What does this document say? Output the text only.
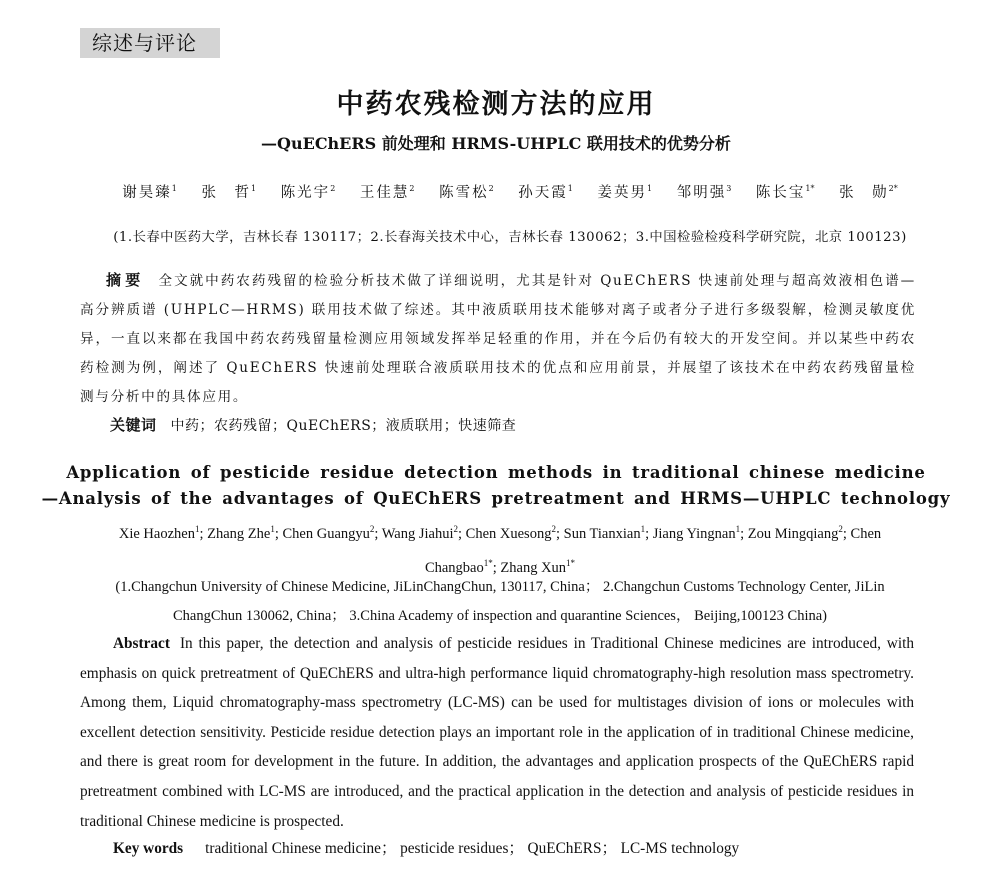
综述与评论
中药农残检测方法的应用
—QuEChERS 前处理和 HRMS-UHPLC 联用技术的优势分析
谢昊臻$^1$ 张　哲$^1$ 陈光宇$^2$ 王佳慧$^2$ 陈雪松$^2$ 孙天霞$^1$ 姜英男$^1$ 邹明强$^3$ 陈长宝$^{1*}$ 张　勋$^{2*}$
(1.长春中医药大学，吉林长春 130117；2.长春海关技术中心，吉林长春 130062；3.中国检验检疫科学研究院，北京 100123)
摘要 全文就中药农药残留的检验分析技术做了详细说明，尤其是针对 QuEChERS 快速前处理与超高效液相色谱—高分辨质谱 (UHPLC—HRMS) 联用技术做了综述。其中液质联用技术能够对离子或者分子进行多级裂解，检测灵敏度优异，一直以来都在我国中药农药残留量检测应用领域发挥举足轻重的作用，并在今后仍有较大的开发空间。并以某些中药农药检测为例，阐述了 QuEChERS 快速前处理联合液质联用技术的优点和应用前景，并展望了该技术在中药农药残留量检测与分析中的具体应用。
关键词 中药；农药残留；QuEChERS；液质联用；快速筛查
Application of pesticide residue detection methods in traditional chinese medicine
—Analysis of the advantages of QuEChERS pretreatment and HRMS—UHPLC technology
Xie Haozhen$^1$; Zhang Zhe$^1$; Chen Guangyu$^2$; Wang Jiahui$^2$; Chen Xuesong$^2$; Sun Tianxian$^1$; Jiang Yingnan$^1$; Zou Mingqiang$^2$; Chen Changbao$^{1*}$; Zhang Xun$^{1*}$
(1.Changchun University of Chinese Medicine, JiLinChangChun, 130117, China； 2.Changchun Customs Technology Center, JiLin ChangChun 130062, China； 3.China Academy of inspection and quarantine Sciences， Beijing,100123 China)
Abstract In this paper, the detection and analysis of pesticide residues in Traditional Chinese medicines are introduced, with emphasis on quick pretreatment of QuEChERS and ultra-high performance liquid chromatography-high resolution mass spectrometry. Among them, Liquid chromatography-mass spectrometry (LC-MS) can be used for multistages division of ions or molecules with excellent detection sensitivity. Pesticide residue detection plays an important role in the application of in traditional Chinese medicine, and there is great room for development in the future. In addition, the advantages and application prospects of the QuEChERS rapid pretreatment combined with LC-MS are introduced, and the practical application in the detection and analysis of pesticide residues in traditional Chinese medicine is prospected.
Key words traditional Chinese medicine； pesticide residues； QuEChERS； LC-MS technology
